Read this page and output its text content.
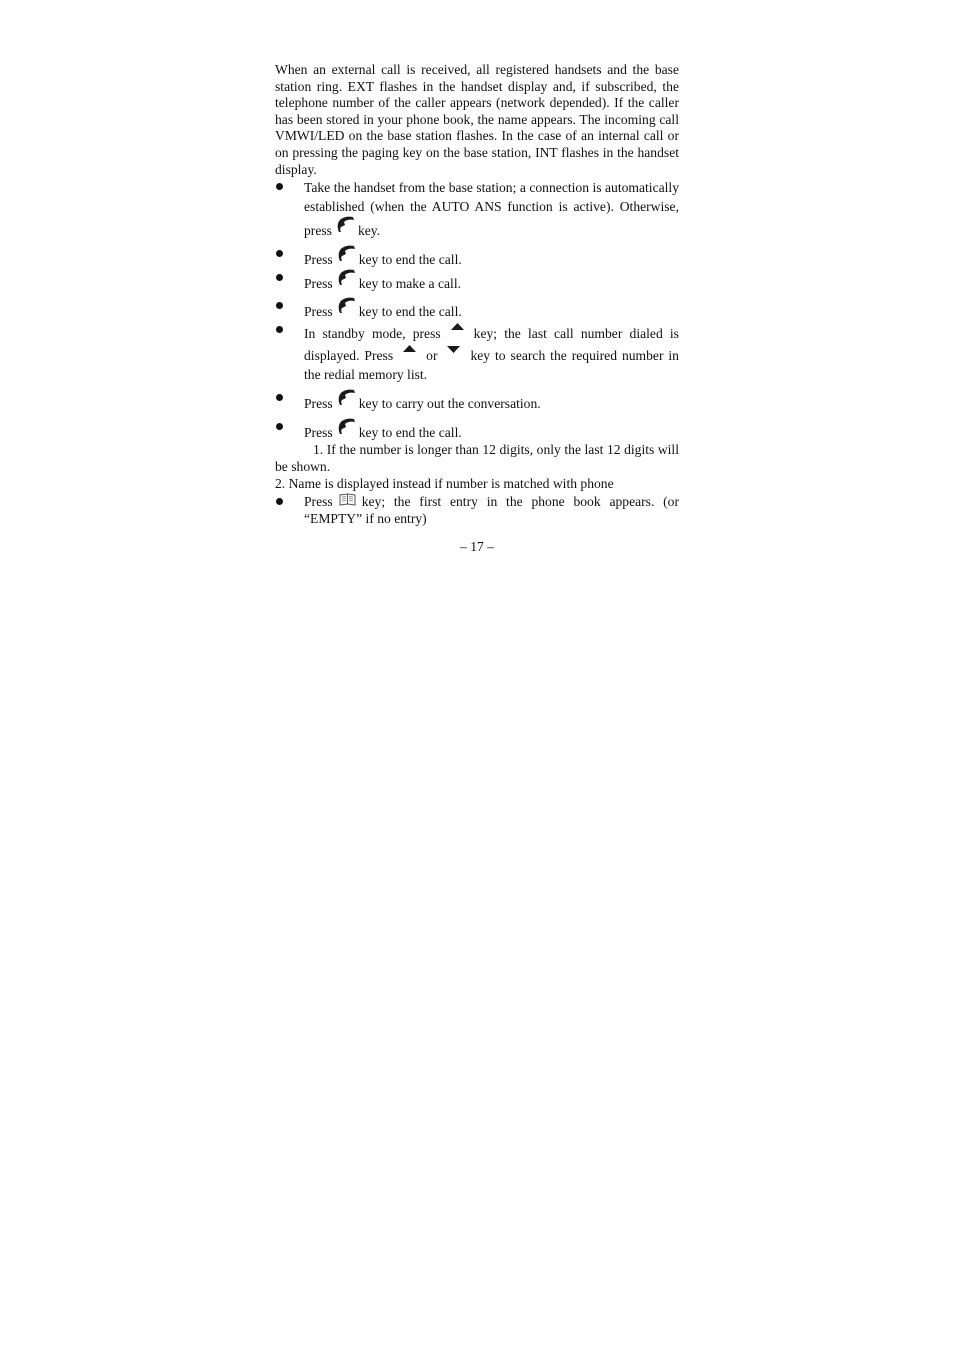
When an external call is received, all registered handsets and the base station ring. EXT flashes in the handset display and, if subscribed, the telephone number of the caller appears (network depended). If the caller has been stored in your phone book, the name appears. The incoming call VMWI/LED on the base station flashes. In the case of an internal call or on pressing the paging key on the base station, INT flashes in the handset display.

Take the handset from the base station; a connection is automatically established (when the AUTO ANS function is active). Otherwise, press key.
Press key to end the call.
Press key to make a call.
Press key to end the call.
In standby mode, press key; the last call number dialed is displayed. Press or key to search the required number in the redial memory list.
Press key to carry out the conversation.
Press key to end the call.

1. If the number is longer than 12 digits, only the last 12 digits will be shown.

2. Name is displayed instead if number is matched with phone

Press key; the first entry in the phone book appears. (or “EMPTY” if no entry)
– 17 –
